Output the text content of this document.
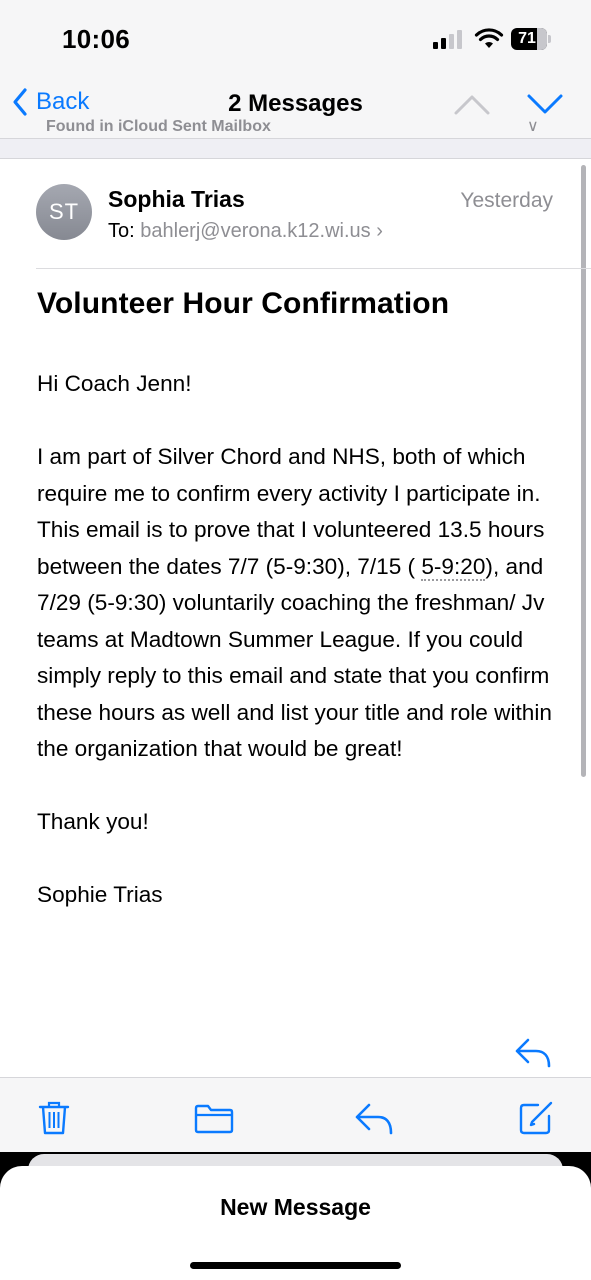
10:06	71
Back	2 Messages
Found in iCloud Sent Mailbox	∨
ST Sophia Trias	Yesterday
To: bahlerj@verona.k12.wi.us ›
Volunteer Hour Confirmation

Hi Coach Jenn!

I am part of Silver Chord and NHS, both of which require me to confirm every activity I participate in. This email is to prove that I volunteered 13.5 hours between the dates 7/7 (5-9:30), 7/15 ( 5-9:20), and 7/29 (5-9:30) voluntarily coaching the freshman/ Jv teams at Madtown Summer League. If you could simply reply to this email and state that you confirm these hours as well and list your title and role within the organization that would be great!

Thank you!

Sophie Trias

New Message
